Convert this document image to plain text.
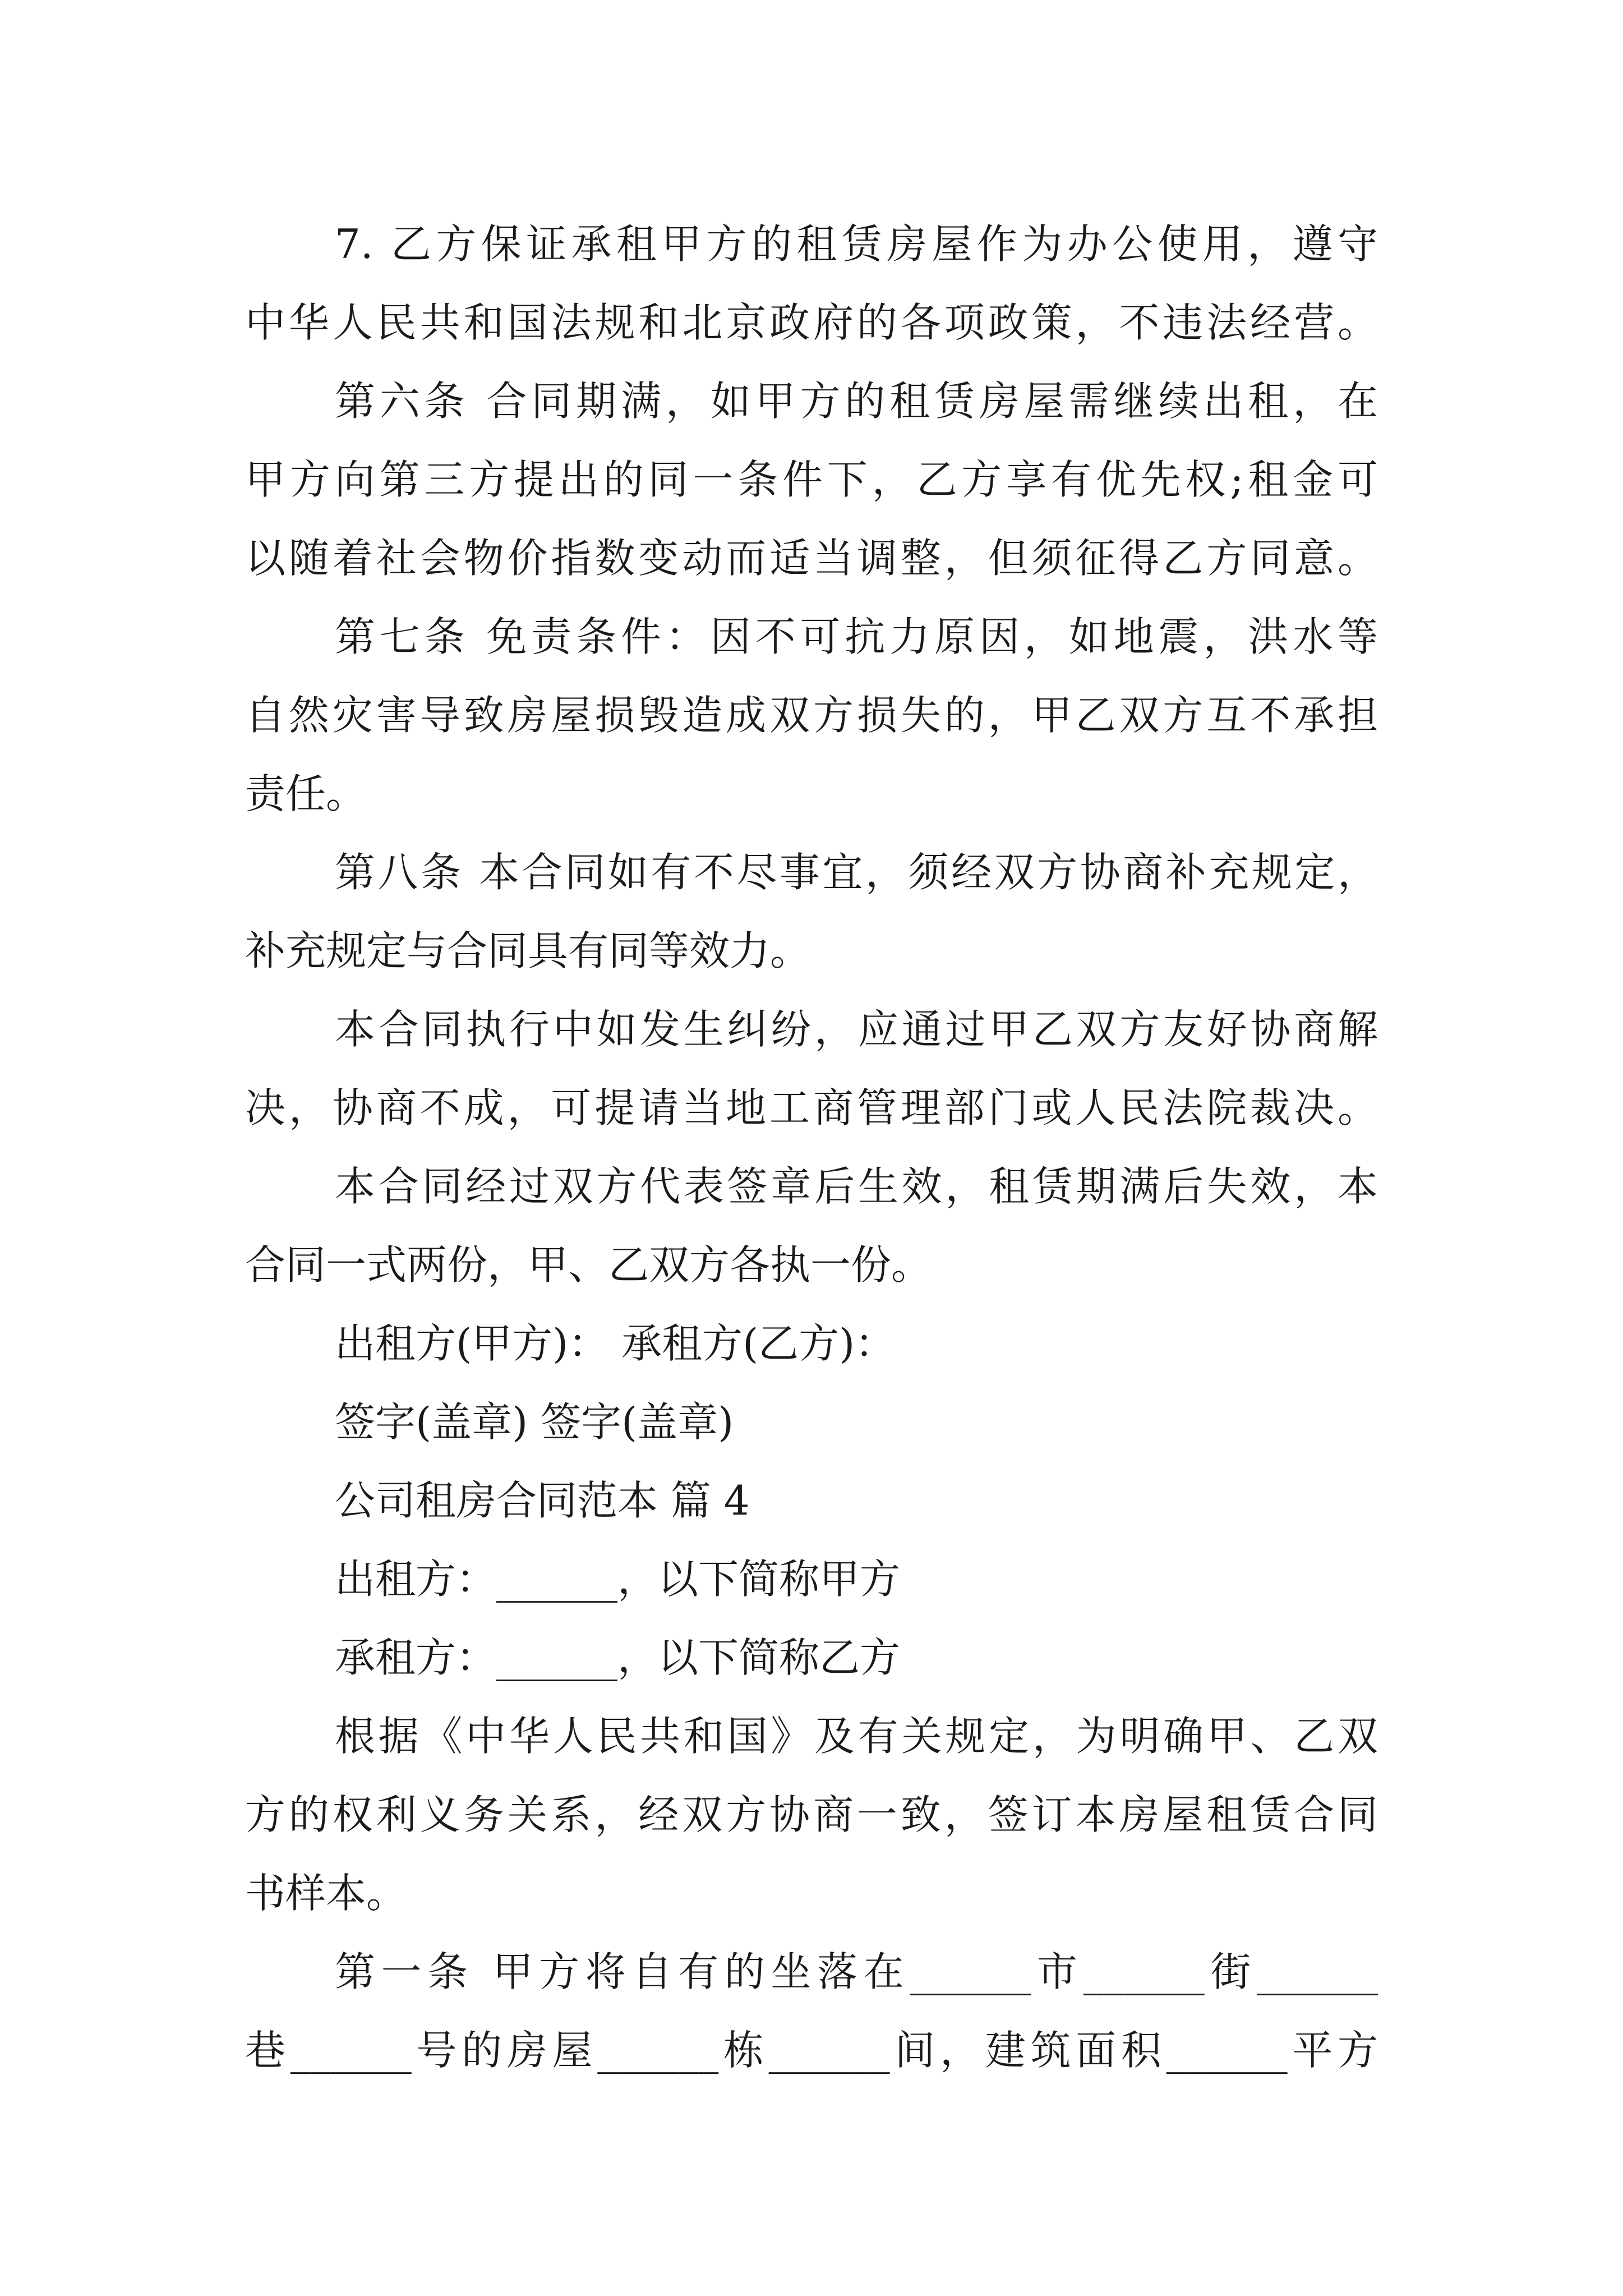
7. 乙方保证承租甲方的租赁房屋作为办公使用，遵守
中华人民共和国法规和北京政府的各项政策，不违法经营。
第六条 合同期满，如甲方的租赁房屋需继续出租，在
甲方向第三方提出的同一条件下，乙方享有优先权;租金可
以随着社会物价指数变动而适当调整，但须征得乙方同意。
第七条 免责条件：因不可抗力原因，如地震，洪水等
自然灾害导致房屋损毁造成双方损失的，甲乙双方互不承担
责任。
第八条 本合同如有不尽事宜，须经双方协商补充规定，
补充规定与合同具有同等效力。
本合同执行中如发生纠纷，应通过甲乙双方友好协商解
决，协商不成，可提请当地工商管理部门或人民法院裁决。
本合同经过双方代表签章后生效，租赁期满后失效，本
合同一式两份，甲、乙双方各执一份。
出租方(甲方)： 承租方(乙方)：
签字(盖章) 签字(盖章)
公司租房合同范本 篇 4
出租方：______，以下简称甲方
承租方：______，以下简称乙方
根据《中华人民共和国》及有关规定，为明确甲、乙双
方的权利义务关系，经双方协商一致，签订本房屋租赁合同
书样本。
第一条 甲方将自有的坐落在______市______街______
巷______号的房屋______栋______间，建筑面积______平方
